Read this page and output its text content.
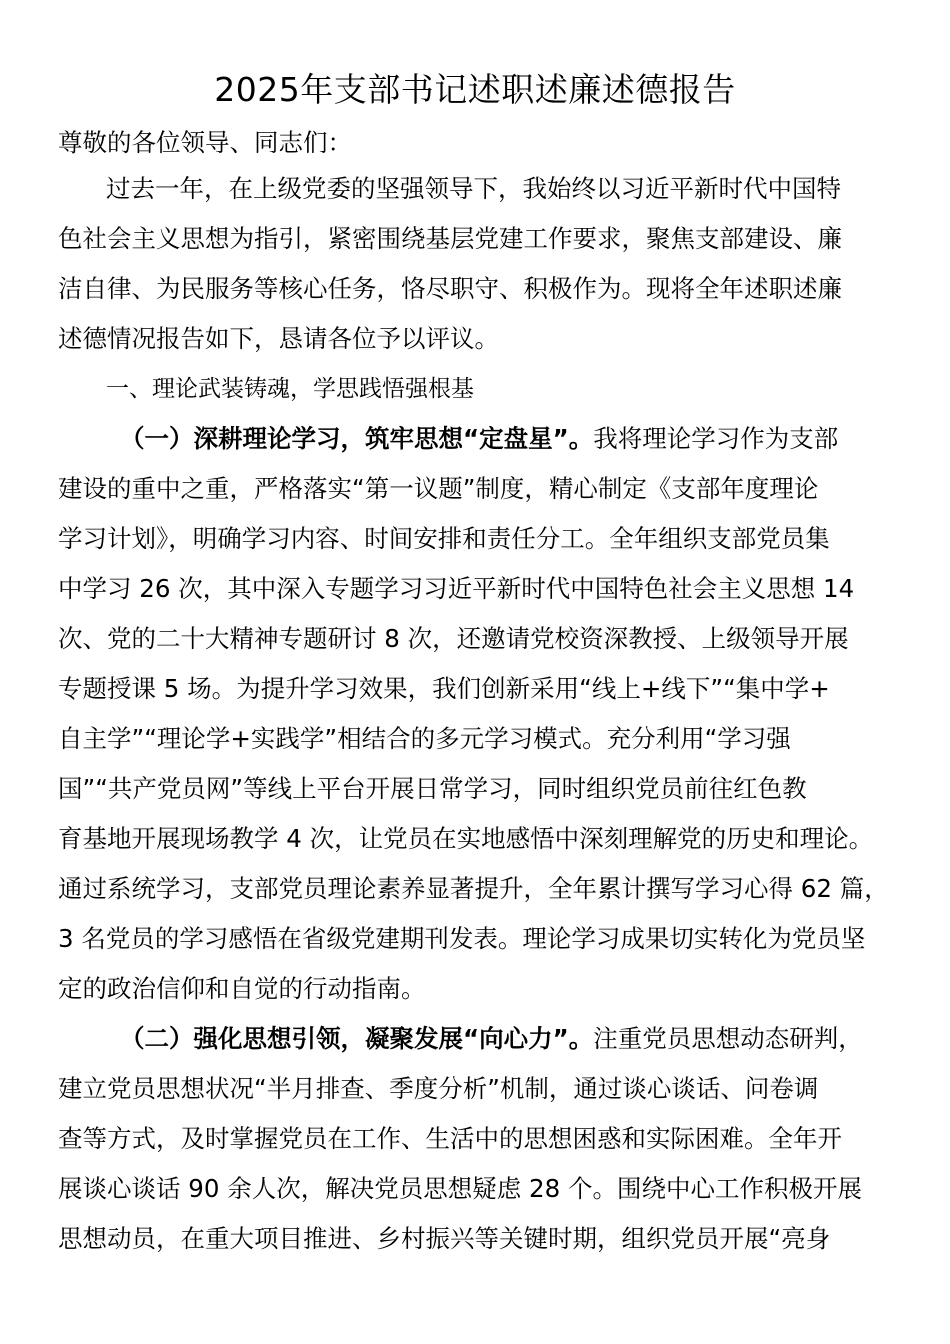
2025年支部书记述职述廉述德报告
尊敬的各位领导、同志们：
过去一年，在上级党委的坚强领导下，我始终以习近平新时代中国特
色社会主义思想为指引，紧密围绕基层党建工作要求，聚焦支部建设、廉
洁自律、为民服务等核心任务，恪尽职守、积极作为。现将全年述职述廉
述德情况报告如下，恳请各位予以评议。
一、理论武装铸魂，学思践悟强根基
（一）深耕理论学习，筑牢思想“定盘星”。我将理论学习作为支部
建设的重中之重，严格落实“第一议题”制度，精心制定《支部年度理论
学习计划》，明确学习内容、时间安排和责任分工。全年组织支部党员集
中学习 26 次，其中深入专题学习习近平新时代中国特色社会主义思想 14
次、党的二十大精神专题研讨 8 次，还邀请党校资深教授、上级领导开展
专题授课 5 场。为提升学习效果，我们创新采用“线上+线下”“集中学+
自主学”“理论学+实践学”相结合的多元学习模式。充分利用“学习强
国”“共产党员网”等线上平台开展日常学习，同时组织党员前往红色教
育基地开展现场教学 4 次，让党员在实地感悟中深刻理解党的历史和理论。
通过系统学习，支部党员理论素养显著提升，全年累计撰写学习心得 62 篇，
3 名党员的学习感悟在省级党建期刊发表。理论学习成果切实转化为党员坚
定的政治信仰和自觉的行动指南。
（二）强化思想引领，凝聚发展“向心力”。注重党员思想动态研判，
建立党员思想状况“半月排查、季度分析”机制，通过谈心谈话、问卷调
查等方式，及时掌握党员在工作、生活中的思想困惑和实际困难。全年开
展谈心谈话 90 余人次，解决党员思想疑虑 28 个。围绕中心工作积极开展
思想动员，在重大项目推进、乡村振兴等关键时期，组织党员开展“亮身
